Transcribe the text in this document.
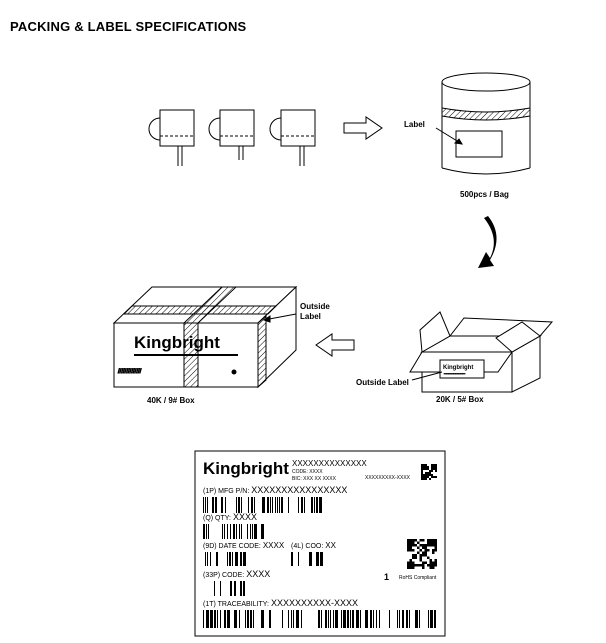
PACKING & LABEL SPECIFICATIONS
Label
500pcs / Bag
//////////////
Kingbright
Outside
Label
40K / 9# Box
~~~~~~~~~
Kingbright
Outside Label
20K / 5# Box
Kingbright XXXXXXXXXXXXXX
CODE: XXXX
BIC: XXX XX XXXX	XXXXXXXXX-XXXX
(1P) MFG P/N: XXXXXXXXXXXXXXXX
(Q) QTY: XXXX
(9D) DATE CODE: XXXX (4L) COO: XX
(33P) CODE: XXXX	1 RoHS Compliant
(1T) TRACEABILITY: XXXXXXXXXX-XXXX
